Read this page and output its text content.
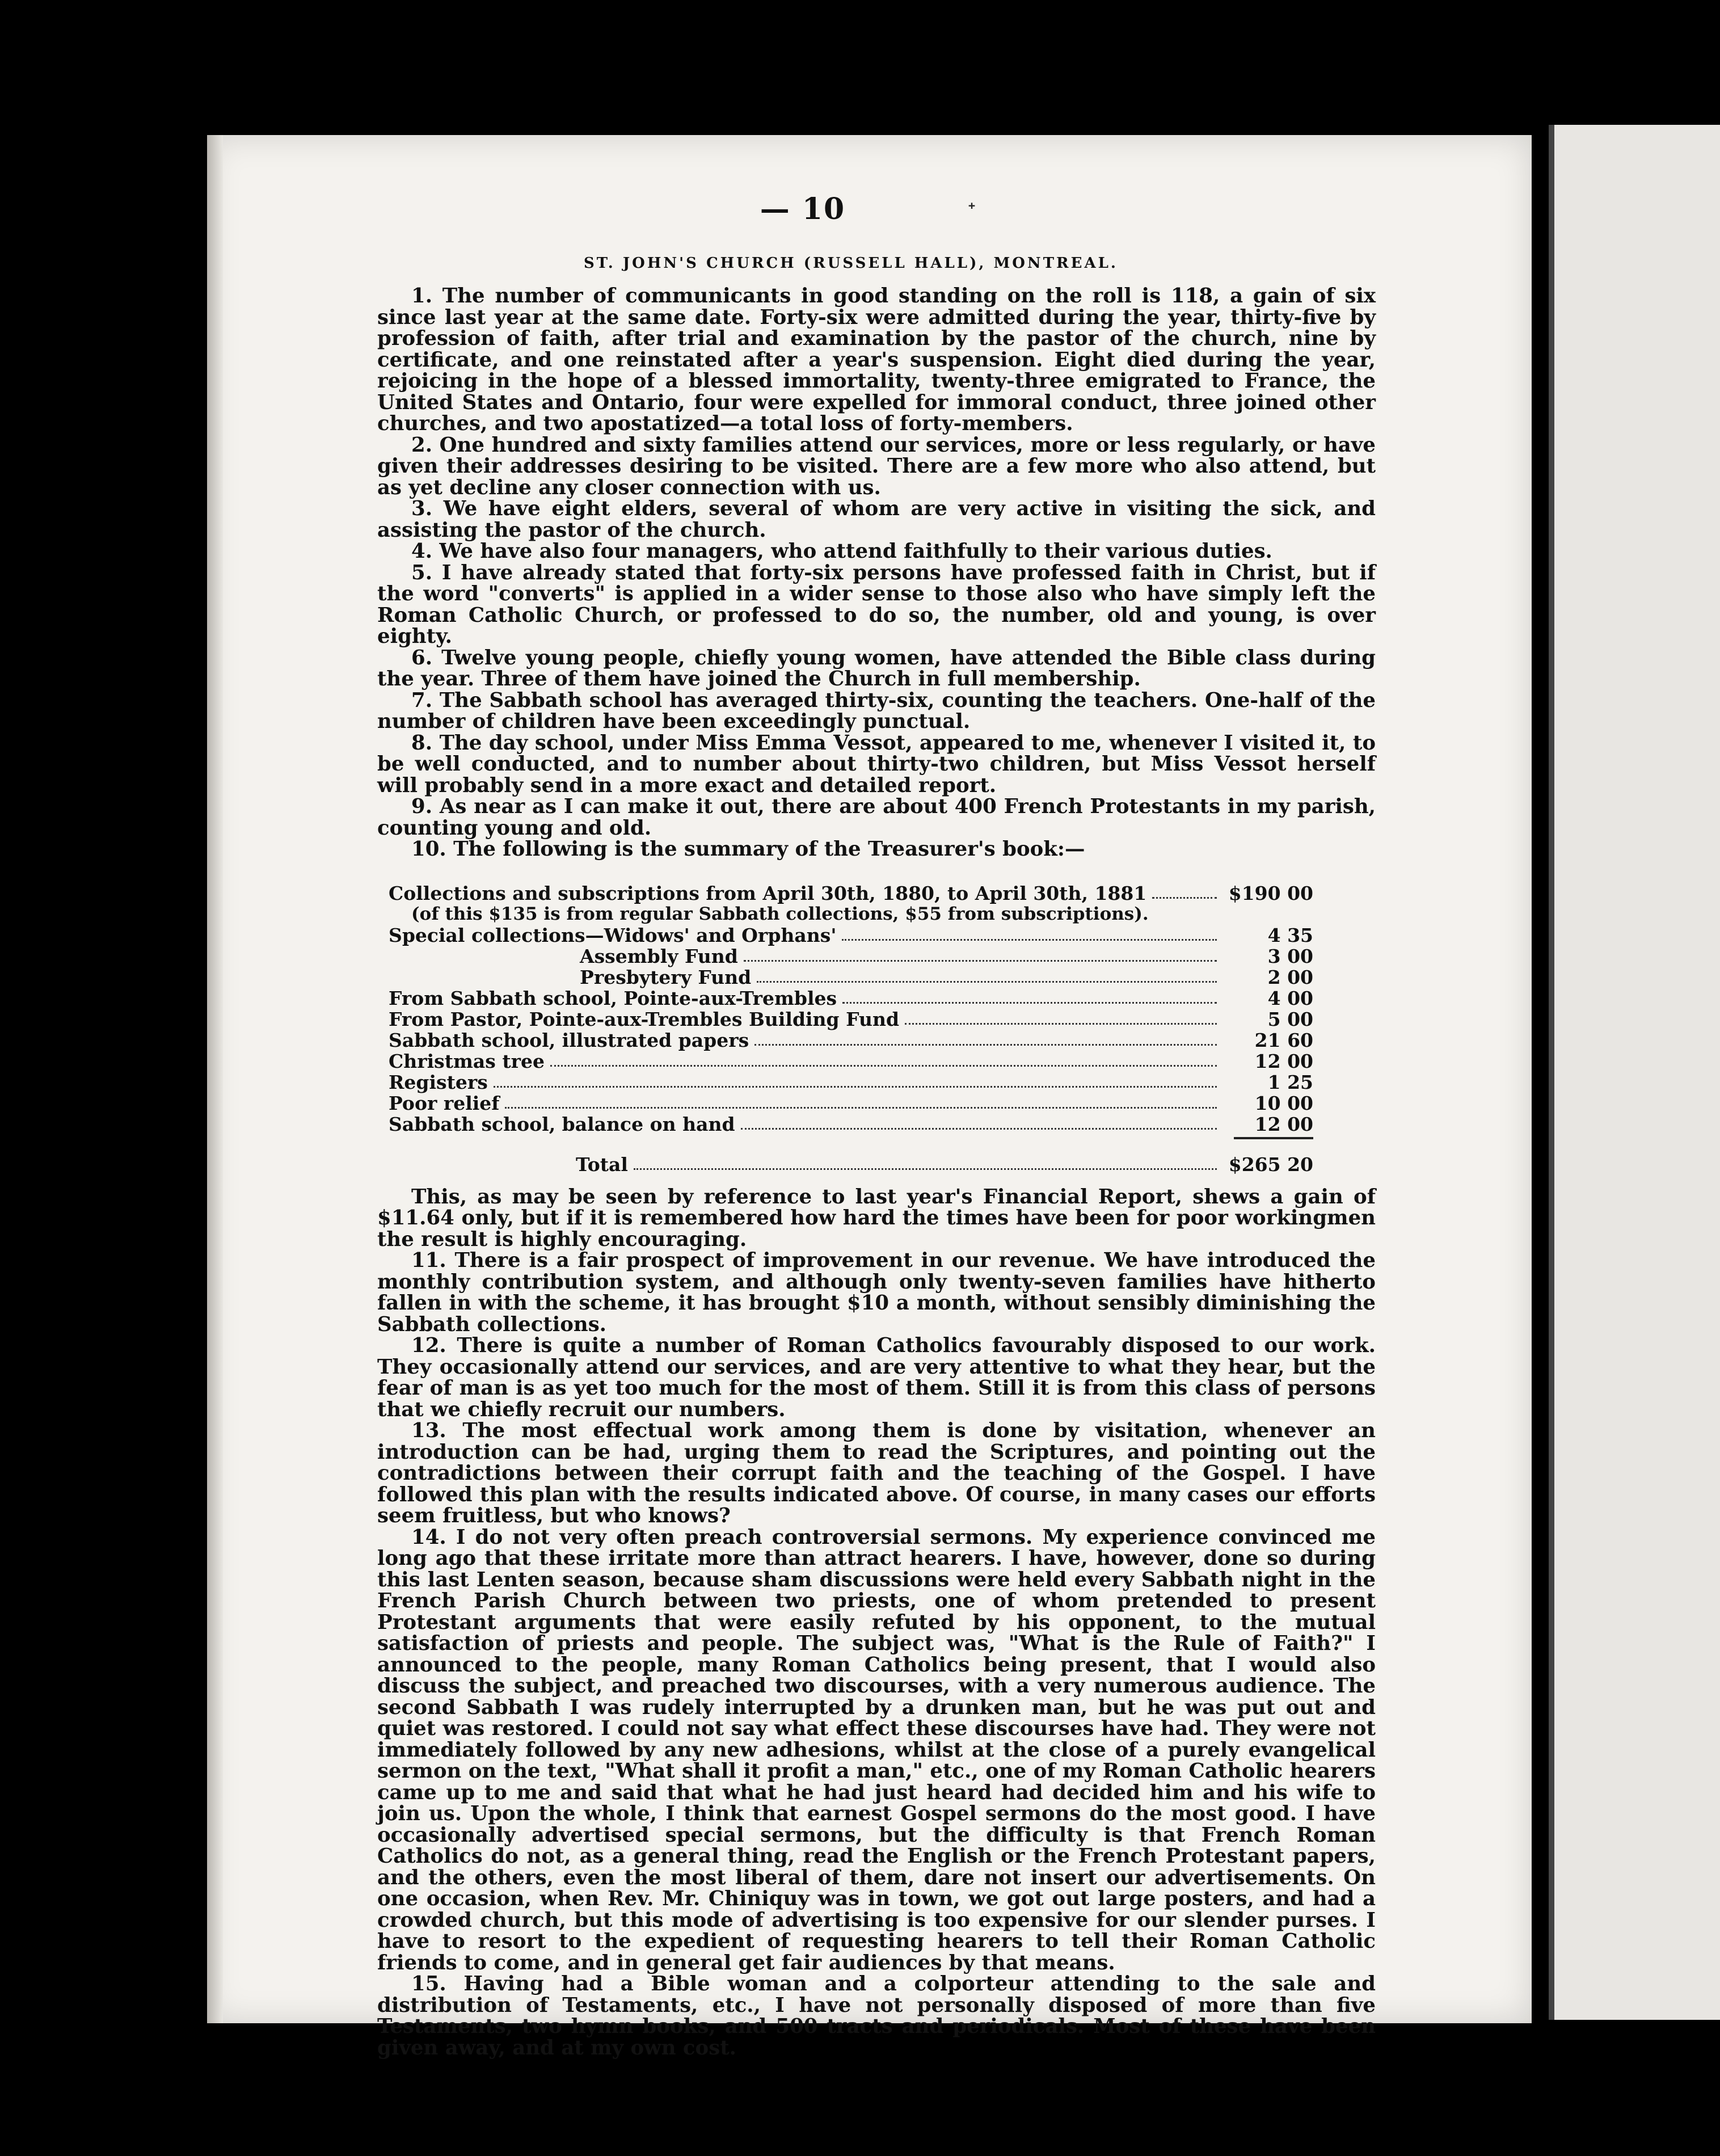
— 10
ST. JOHN'S CHURCH (RUSSELL HALL), MONTREAL.

1. The number of communicants in good standing on the roll is 118, a gain of six since last year at the same date. Forty-six were admitted during the year, thirty-five by profession of faith, after trial and examination by the pastor of the church, nine by certificate, and one reinstated after a year's suspension. Eight died during the year, rejoicing in the hope of a blessed immortality, twenty-three emigrated to France, the United States and Ontario, four were expelled for immoral conduct, three joined other churches, and two apostatized—a total loss of forty-members.

2. One hundred and sixty families attend our services, more or less regularly, or have given their addresses desiring to be visited. There are a few more who also attend, but as yet decline any closer connection with us.

3. We have eight elders, several of whom are very active in visiting the sick, and assisting the pastor of the church.

4. We have also four managers, who attend faithfully to their various duties.

5. I have already stated that forty-six persons have professed faith in Christ, but if the word "converts" is applied in a wider sense to those also who have simply left the Roman Catholic Church, or professed to do so, the number, old and young, is over eighty.

6. Twelve young people, chiefly young women, have attended the Bible class during the year. Three of them have joined the Church in full membership.

7. The Sabbath school has averaged thirty-six, counting the teachers. One-half of the number of children have been exceedingly punctual.

8. The day school, under Miss Emma Vessot, appeared to me, whenever I visited it, to be well conducted, and to number about thirty-two children, but Miss Vessot herself will probably send in a more exact and detailed report.

9. As near as I can make it out, there are about 400 French Protestants in my parish, counting young and old.

10. The following is the summary of the Treasurer's book:—

Collections and subscriptions from April 30th, 1880, to April 30th, 1881	$190 00
(of this $135 is from regular Sabbath collections, $55 from subscriptions).
Special collections—Widows' and Orphans'	4 35
Assembly Fund	3 00
Presbytery Fund	2 00
From Sabbath school, Pointe-aux-Trembles	4 00
From Pastor, Pointe-aux-Trembles Building Fund	5 00
Sabbath school, illustrated papers	21 60
Christmas tree	12 00
Registers	1 25
Poor relief	10 00
Sabbath school, balance on hand	12 00
Total	$265 20

This, as may be seen by reference to last year's Financial Report, shews a gain of $11.64 only, but if it is remembered how hard the times have been for poor workingmen the result is highly encouraging.

11. There is a fair prospect of improvement in our revenue. We have introduced the monthly contribution system, and although only twenty-seven families have hitherto fallen in with the scheme, it has brought $10 a month, without sensibly diminishing the Sabbath collections.

12. There is quite a number of Roman Catholics favourably disposed to our work. They occasionally attend our services, and are very attentive to what they hear, but the fear of man is as yet too much for the most of them. Still it is from this class of persons that we chiefly recruit our numbers.

13. The most effectual work among them is done by visitation, whenever an introduction can be had, urging them to read the Scriptures, and pointing out the contradictions between their corrupt faith and the teaching of the Gospel. I have followed this plan with the results indicated above. Of course, in many cases our efforts seem fruitless, but who knows?

14. I do not very often preach controversial sermons. My experience convinced me long ago that these irritate more than attract hearers. I have, however, done so during this last Lenten season, because sham discussions were held every Sabbath night in the French Parish Church between two priests, one of whom pretended to present Protestant arguments that were easily refuted by his opponent, to the mutual satisfaction of priests and people. The subject was, "What is the Rule of Faith?" I announced to the people, many Roman Catholics being present, that I would also discuss the subject, and preached two discourses, with a very numerous audience. The second Sabbath I was rudely interrupted by a drunken man, but he was put out and quiet was restored. I could not say what effect these discourses have had. They were not immediately followed by any new adhesions, whilst at the close of a purely evangelical sermon on the text, "What shall it profit a man," etc., one of my Roman Catholic hearers came up to me and said that what he had just heard had decided him and his wife to join us. Upon the whole, I think that earnest Gospel sermons do the most good. I have occasionally advertised special sermons, but the difficulty is that French Roman Catholics do not, as a general thing, read the English or the French Protestant papers, and the others, even the most liberal of them, dare not insert our advertisements. On one occasion, when Rev. Mr. Chiniquy was in town, we got out large posters, and had a crowded church, but this mode of advertising is too expensive for our slender purses. I have to resort to the expedient of requesting hearers to tell their Roman Catholic friends to come, and in general get fair audiences by that means.

15. Having had a Bible woman and a colporteur attending to the sale and distribution of Testaments, etc., I have not personally disposed of more than five Testaments, two hymn books, and 500 tracts and periodicals. Most of these have been given away, and at my own cost.

ᐩ
